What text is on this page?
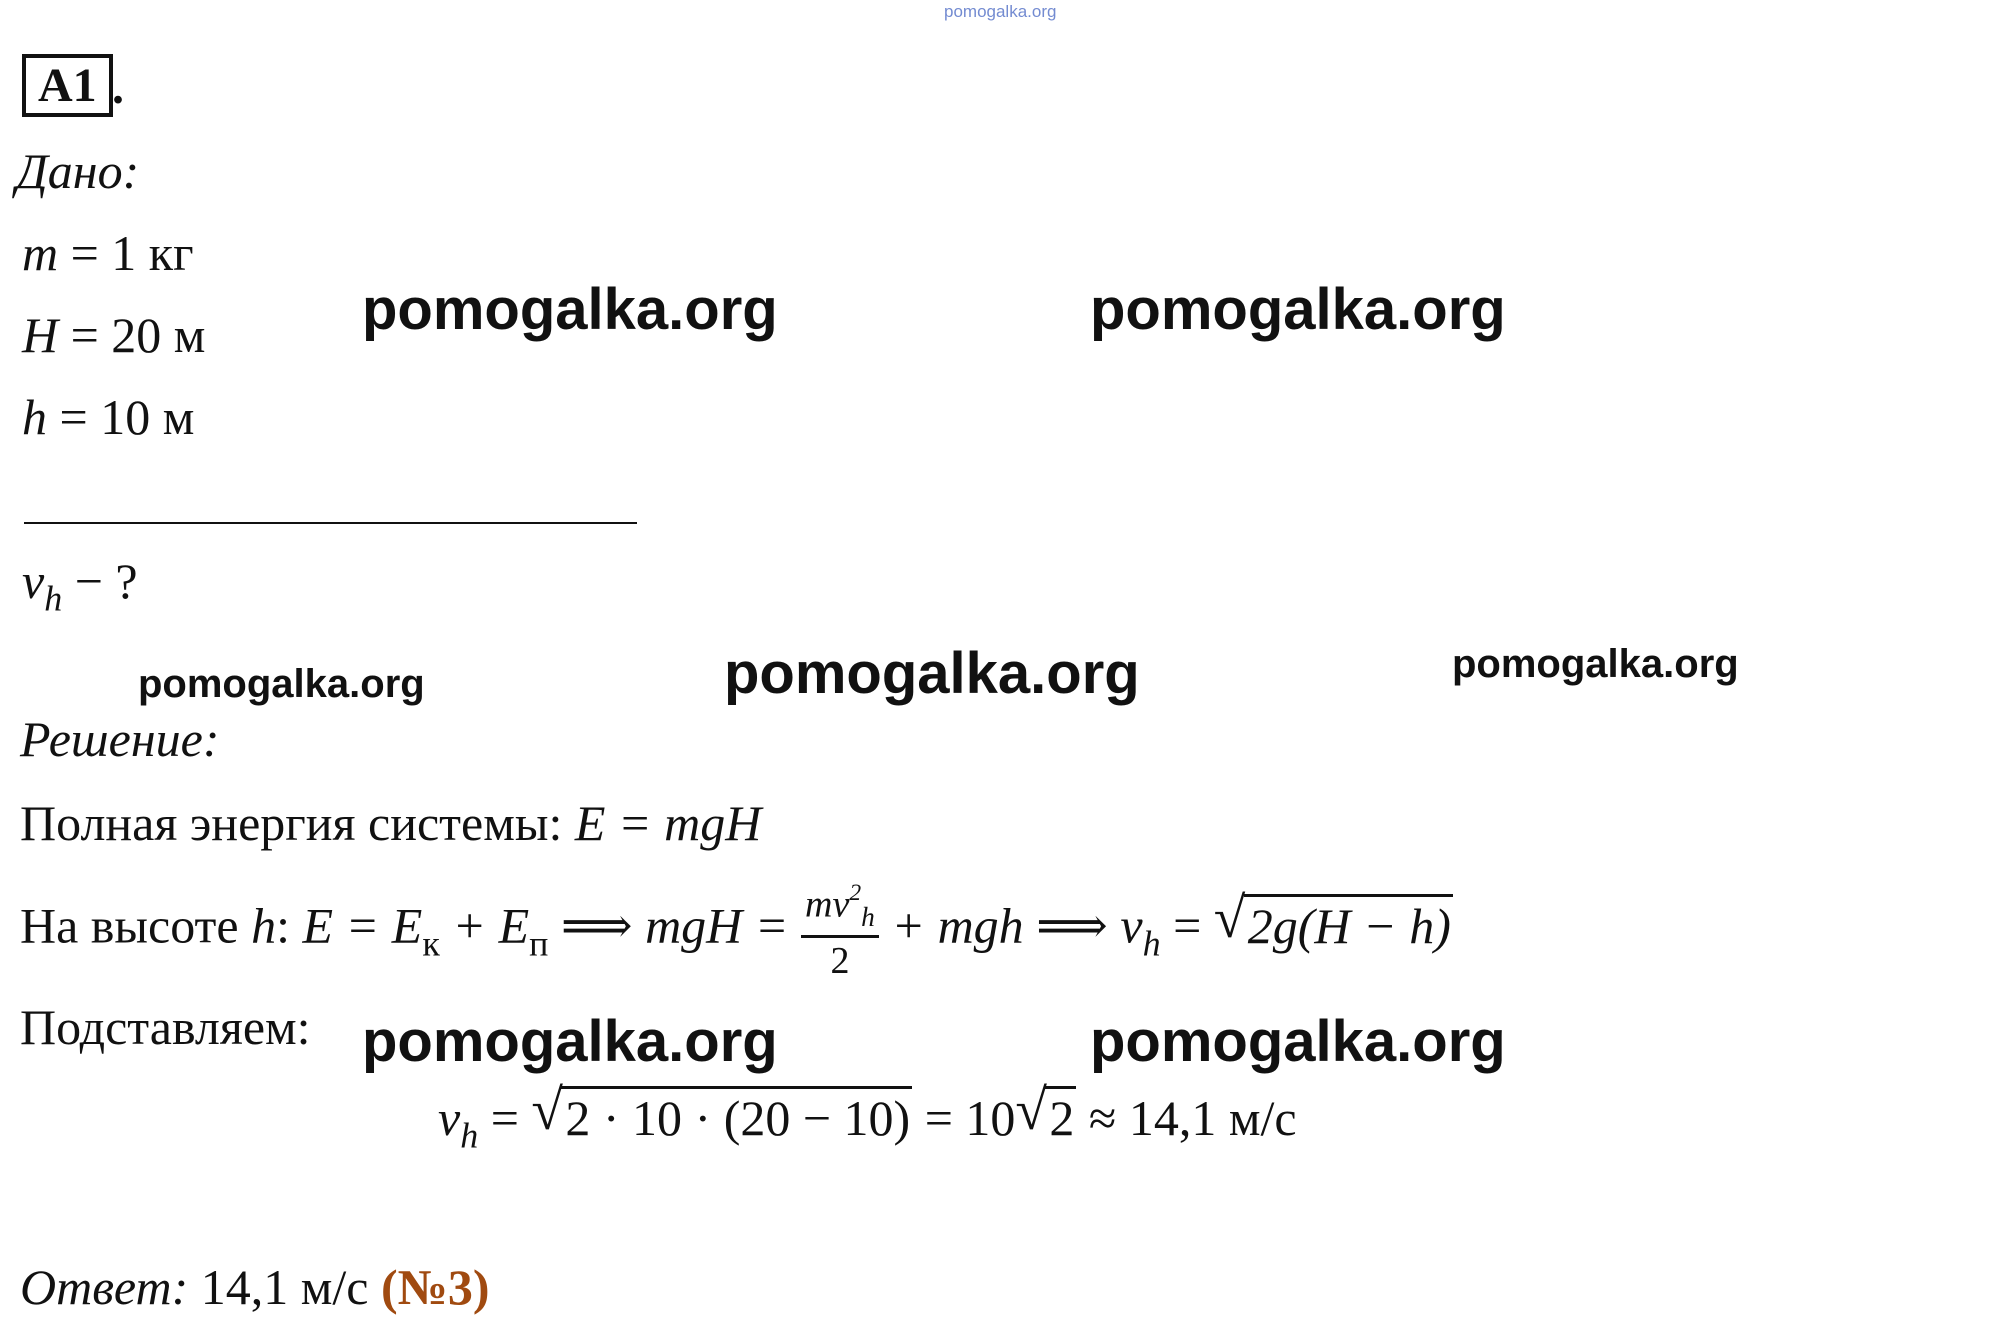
pomogalka.org
A1 .
Дано:
m = 1 кг
H = 20 м
h = 10 м
$v_h$ − ?
pomogalka.org	pomogalka.org
pomogalka.org	pomogalka.org	pomogalka.org
pomogalka.org	pomogalka.org
Решение:
Полная энергия системы: E = mgH
На высоте h: $E = E_к + E_п$ ⟹ mgH = $\frac{mv^2_h}{2}$ + mgh ⟹ $v_h$ = √ 2g(H − h)
Подставляем:
$v_h$ = √ 2 · 10 · (20 − 10) = 10 √ 2 ≈ 14,1 м/с
Ответ: 14,1 м/с (№3)
